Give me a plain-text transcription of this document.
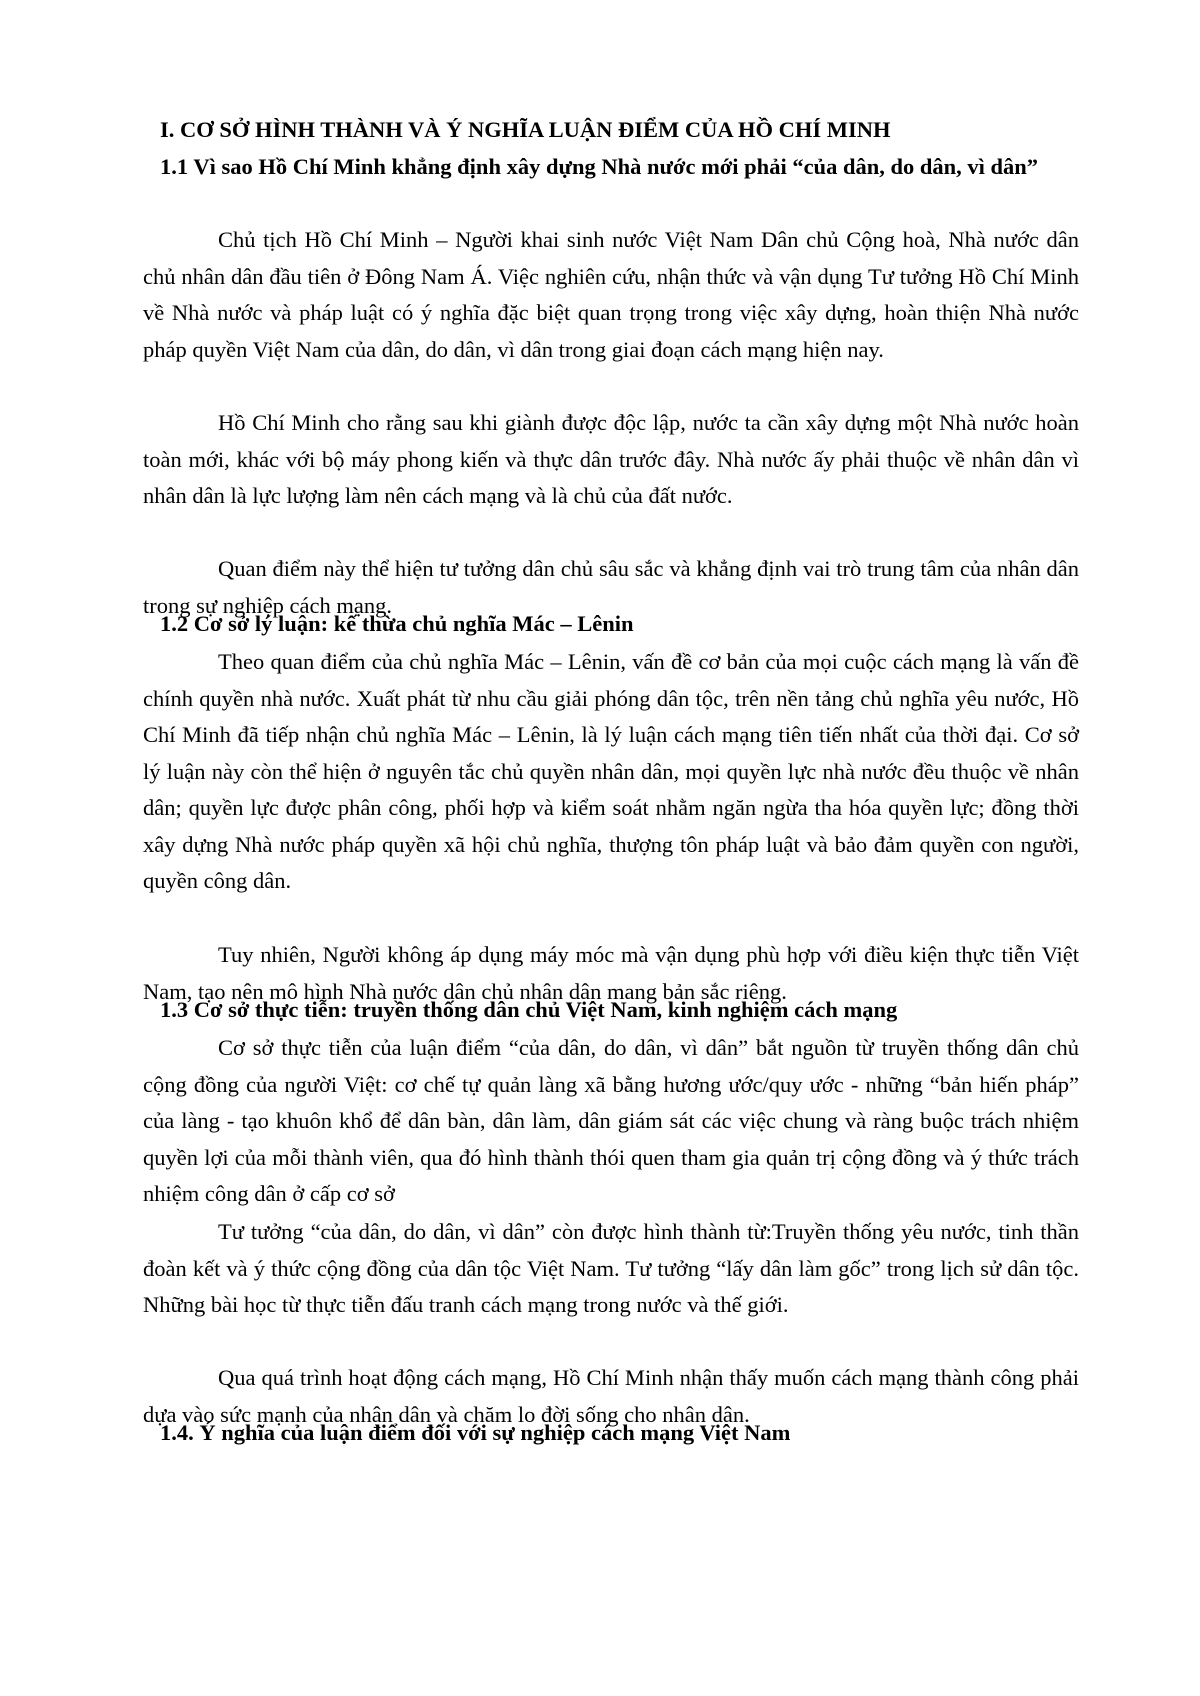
I. CƠ SỞ HÌNH THÀNH VÀ Ý NGHĨA LUẬN ĐIỂM CỦA HỒ CHÍ MINH
1.1 Vì sao Hồ Chí Minh khẳng định xây dựng Nhà nước mới phải “của dân, do dân, vì dân”

Chủ tịch Hồ Chí Minh – Người khai sinh nước Việt Nam Dân chủ Cộng hoà, Nhà nước dân chủ nhân dân đầu tiên ở Đông Nam Á. Việc nghiên cứu, nhận thức và vận dụng Tư tưởng Hồ Chí Minh về Nhà nước và pháp luật có ý nghĩa đặc biệt quan trọng trong việc xây dựng, hoàn thiện Nhà nước pháp quyền Việt Nam của dân, do dân, vì dân trong giai đoạn cách mạng hiện nay.

Hồ Chí Minh cho rằng sau khi giành được độc lập, nước ta cần xây dựng một Nhà nước hoàn toàn mới, khác với bộ máy phong kiến và thực dân trước đây. Nhà nước ấy phải thuộc về nhân dân vì nhân dân là lực lượng làm nên cách mạng và là chủ của đất nước.

Quan điểm này thể hiện tư tưởng dân chủ sâu sắc và khẳng định vai trò trung tâm của nhân dân trong sự nghiệp cách mạng.

1.2 Cơ sở lý luận: kế thừa chủ nghĩa Mác – Lênin

Theo quan điểm của chủ nghĩa Mác – Lênin, vấn đề cơ bản của mọi cuộc cách mạng là vấn đề chính quyền nhà nước. Xuất phát từ nhu cầu giải phóng dân tộc, trên nền tảng chủ nghĩa yêu nước, Hồ Chí Minh đã tiếp nhận chủ nghĩa Mác – Lênin, là lý luận cách mạng tiên tiến nhất của thời đại. Cơ sở lý luận này còn thể hiện ở nguyên tắc chủ quyền nhân dân, mọi quyền lực nhà nước đều thuộc về nhân dân; quyền lực được phân công, phối hợp và kiểm soát nhằm ngăn ngừa tha hóa quyền lực; đồng thời xây dựng Nhà nước pháp quyền xã hội chủ nghĩa, thượng tôn pháp luật và bảo đảm quyền con người, quyền công dân.

Tuy nhiên, Người không áp dụng máy móc mà vận dụng phù hợp với điều kiện thực tiễn Việt Nam, tạo nên mô hình Nhà nước dân chủ nhân dân mang bản sắc riêng.

1.3 Cơ sở thực tiễn: truyền thống dân chủ Việt Nam, kinh nghiệm cách mạng

Cơ sở thực tiễn của luận điểm “của dân, do dân, vì dân” bắt nguồn từ truyền thống dân chủ cộng đồng của người Việt: cơ chế tự quản làng xã bằng hương ước/quy ước - những “bản hiến pháp” của làng - tạo khuôn khổ để dân bàn, dân làm, dân giám sát các việc chung và ràng buộc trách nhiệm quyền lợi của mỗi thành viên, qua đó hình thành thói quen tham gia quản trị cộng đồng và ý thức trách nhiệm công dân ở cấp cơ sở

Tư tưởng “của dân, do dân, vì dân” còn được hình thành từ:Truyền thống yêu nước, tinh thần đoàn kết và ý thức cộng đồng của dân tộc Việt Nam. Tư tưởng “lấy dân làm gốc” trong lịch sử dân tộc. Những bài học từ thực tiễn đấu tranh cách mạng trong nước và thế giới.

Qua quá trình hoạt động cách mạng, Hồ Chí Minh nhận thấy muốn cách mạng thành công phải dựa vào sức mạnh của nhân dân và chăm lo đời sống cho nhân dân.

1.4. Ý nghĩa của luận điểm đối với sự nghiệp cách mạng Việt Nam
